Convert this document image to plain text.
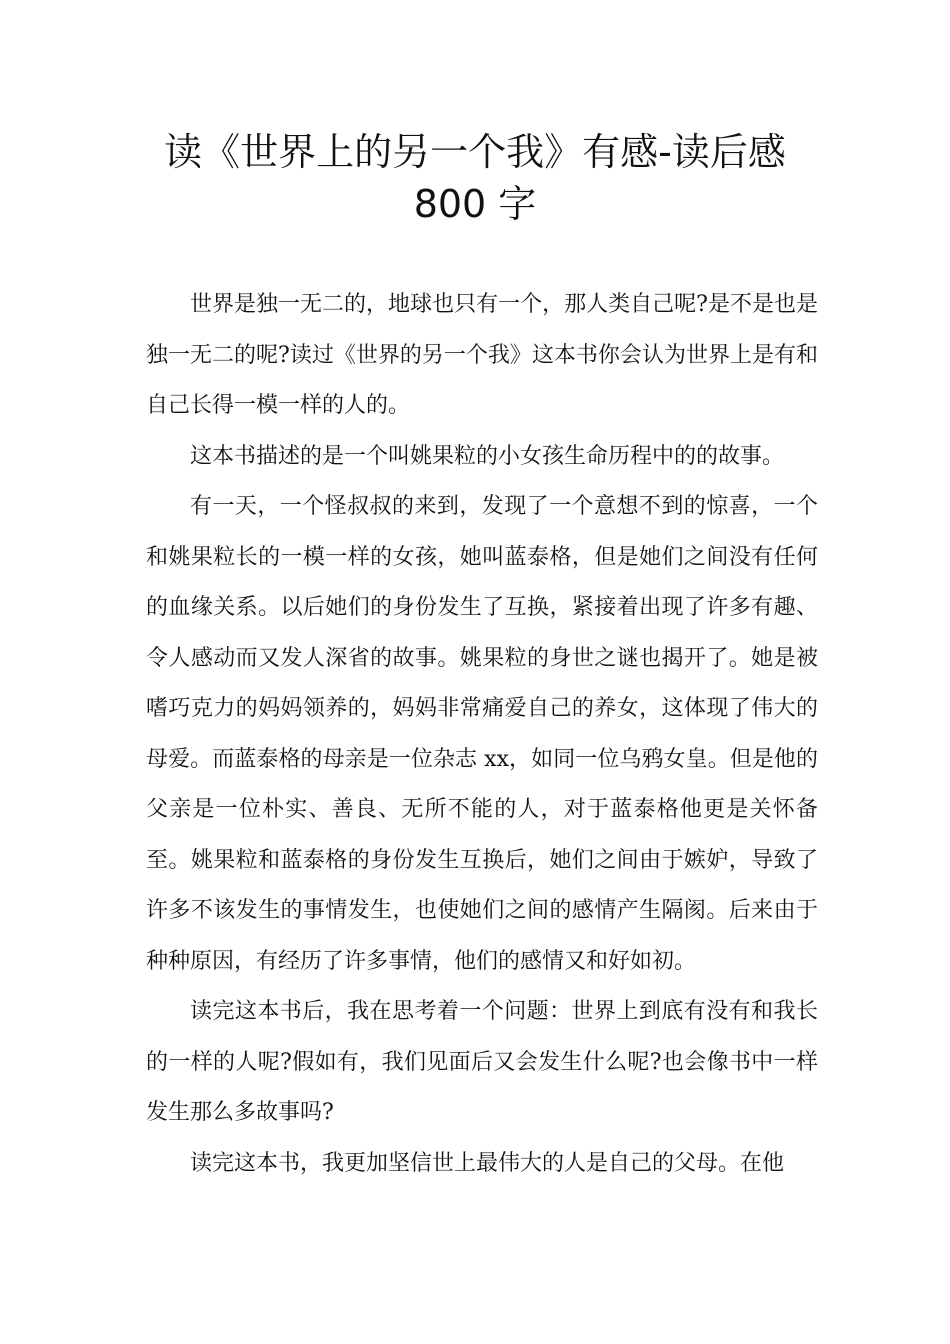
读《世界上的另一个我》有感-读后感
800 字

世界是独一无二的，地球也只有一个，那人类自己呢?是不是也是独一无二的呢?读过《世界的另一个我》这本书你会认为世界上是有和自己长得一模一样的人的。

这本书描述的是一个叫姚果粒的小女孩生命历程中的的故事。

有一天，一个怪叔叔的来到，发现了一个意想不到的惊喜，一个和姚果粒长的一模一样的女孩，她叫蓝泰格，但是她们之间没有任何的血缘关系。以后她们的身份发生了互换，紧接着出现了许多有趣、令人感动而又发人深省的故事。姚果粒的身世之谜也揭开了。她是被嗜巧克力的妈妈领养的，妈妈非常痛爱自己的养女，这体现了伟大的母爱。而蓝泰格的母亲是一位杂志 xx，如同一位乌鸦女皇。但是他的父亲是一位朴实、善良、无所不能的人，对于蓝泰格他更是关怀备至。姚果粒和蓝泰格的身份发生互换后，她们之间由于嫉妒，导致了许多不该发生的事情发生，也使她们之间的感情产生隔阂。后来由于种种原因，有经历了许多事情，他们的感情又和好如初。

读完这本书后，我在思考着一个问题：世界上到底有没有和我长的一样的人呢?假如有，我们见面后又会发生什么呢?也会像书中一样发生那么多故事吗?

读完这本书，我更加坚信世上最伟大的人是自己的父母。在他
